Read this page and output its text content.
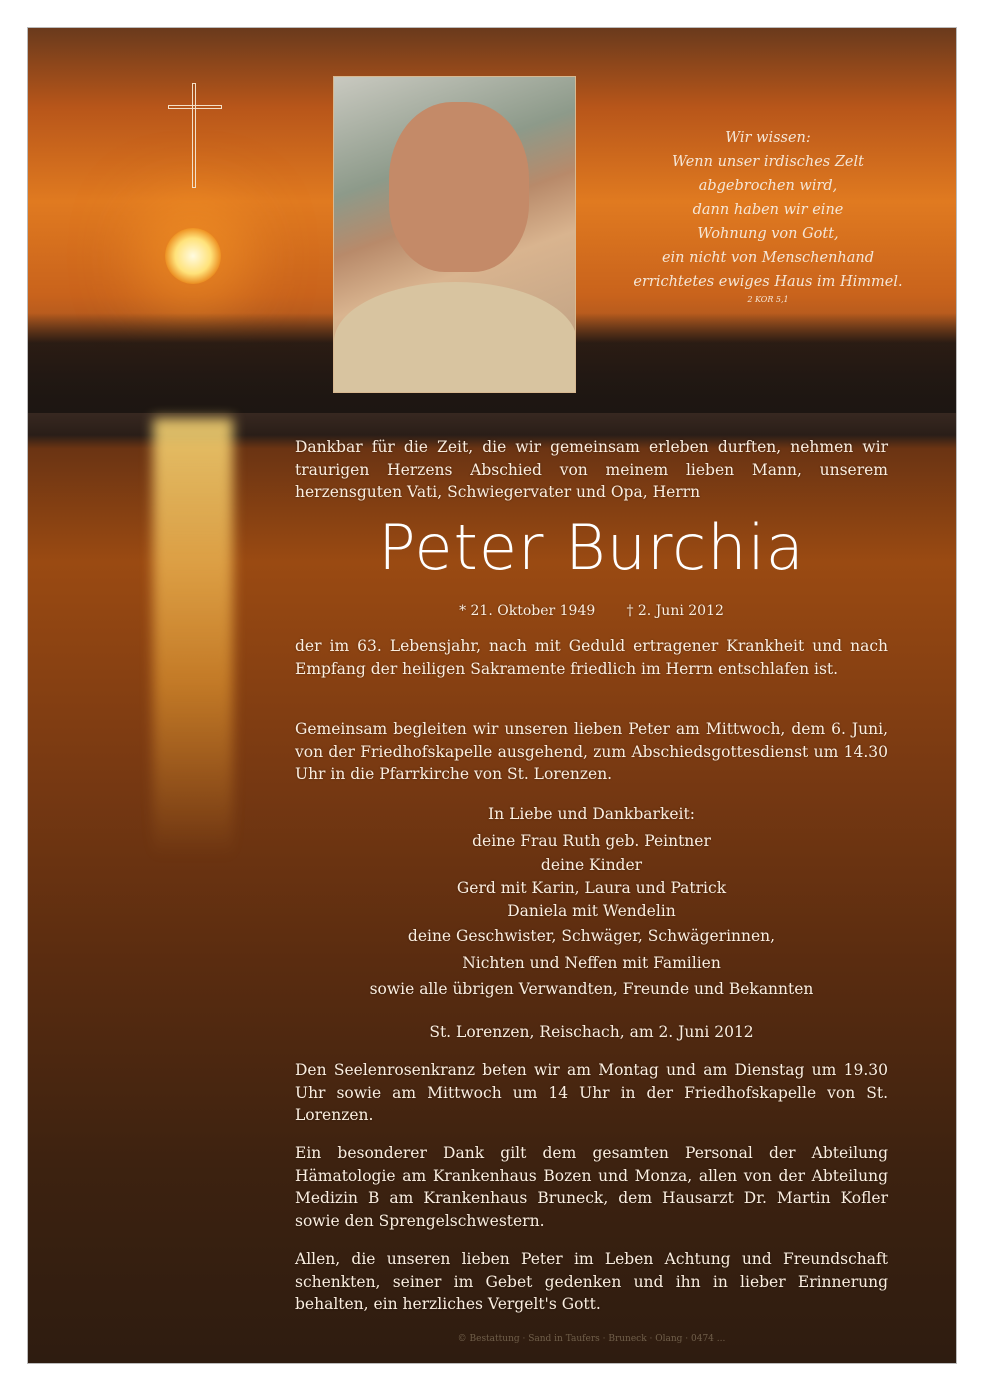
Wir wissen:
Wenn unser irdisches Zelt
abgebrochen wird,
dann haben wir eine
Wohnung von Gott,
ein nicht von Menschenhand
errichtetes ewiges Haus im Himmel.
2 KOR 5,1
Dankbar für die Zeit, die wir gemeinsam erleben durften, nehmen wir traurigen Herzens Abschied von meinem lieben Mann, unserem herzensguten Vati, Schwiegervater und Opa, Herrn
Peter Burchia
* 21. Oktober 1949 † 2. Juni 2012
der im 63. Lebensjahr, nach mit Geduld ertragener Krankheit und nach Empfang der heiligen Sakramente friedlich im Herrn entschlafen ist.
Gemeinsam begleiten wir unseren lieben Peter am Mittwoch, dem 6. Juni, von der Friedhofskapelle ausgehend, zum Abschiedsgottesdienst um 14.30 Uhr in die Pfarrkirche von St. Lorenzen.
In Liebe und Dankbarkeit:
deine Frau Ruth geb. Peintner
deine Kinder
Gerd mit Karin, Laura und Patrick
Daniela mit Wendelin
deine Geschwister, Schwäger, Schwägerinnen,
Nichten und Neffen mit Familien
sowie alle übrigen Verwandten, Freunde und Bekannten
St. Lorenzen, Reischach, am 2. Juni 2012
Den Seelenrosenkranz beten wir am Montag und am Dienstag um 19.30 Uhr sowie am Mittwoch um 14 Uhr in der Friedhofskapelle von St. Lorenzen.
Ein besonderer Dank gilt dem gesamten Personal der Abteilung Hämatologie am Krankenhaus Bozen und Monza, allen von der Abteilung Medizin B am Krankenhaus Bruneck, dem Hausarzt Dr. Martin Kofler sowie den Sprengelschwestern.
Allen, die unseren lieben Peter im Leben Achtung und Freundschaft schenkten, seiner im Gebet gedenken und ihn in lieber Erinnerung behalten, ein herzliches Vergelt's Gott.
© Bestattung · Sand in Taufers · Bruneck · Olang · 0474 ...
